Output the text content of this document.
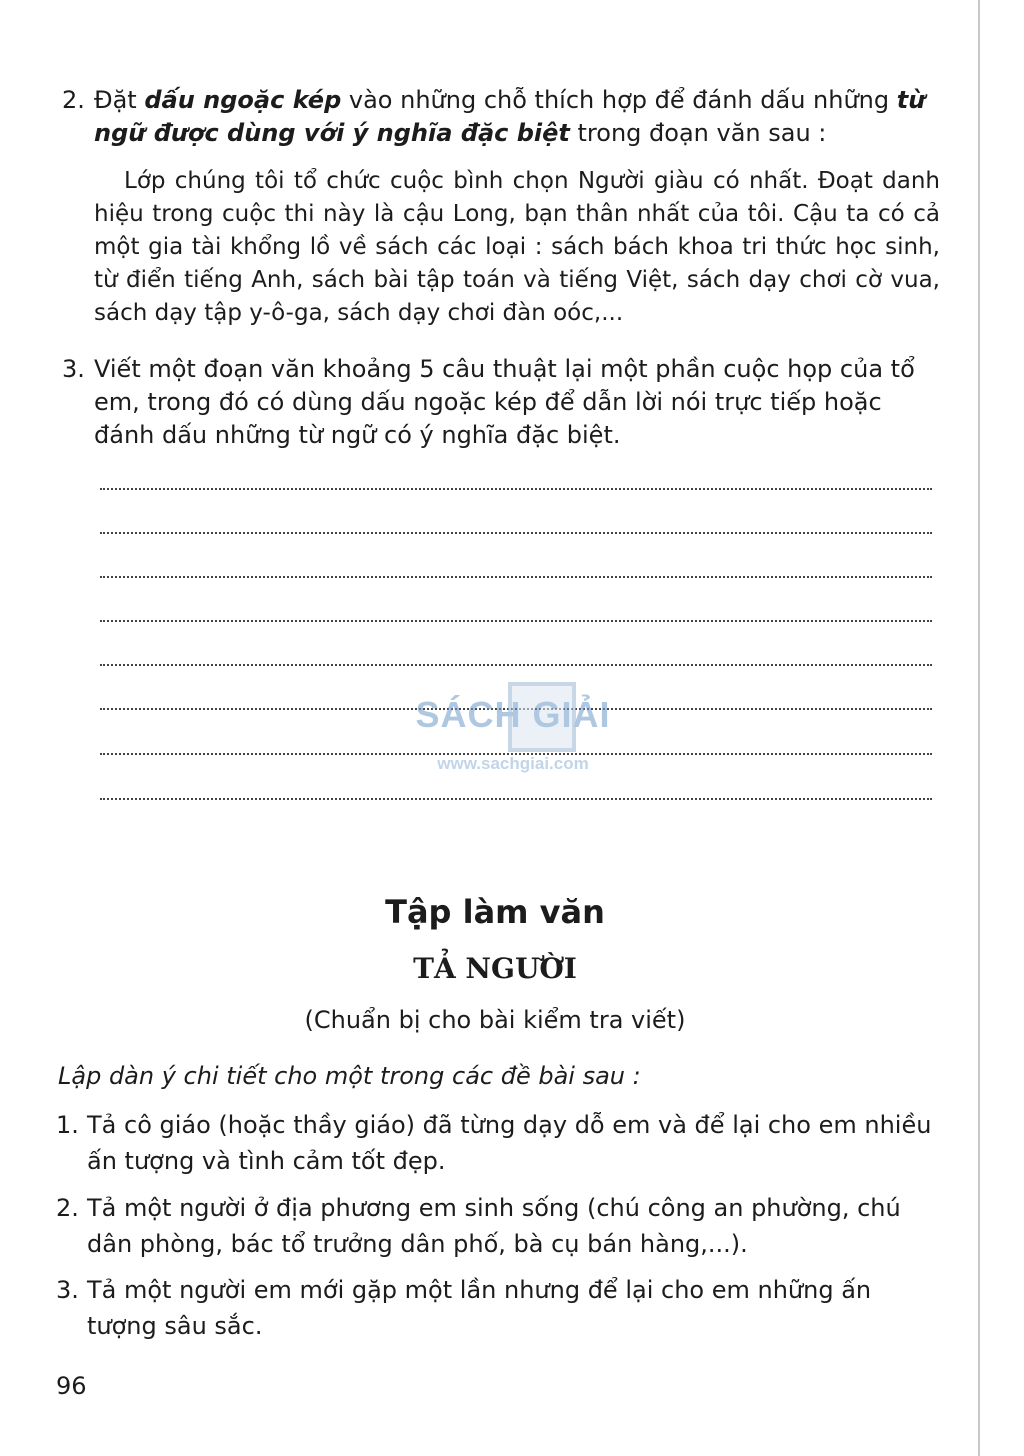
2. Đặt dấu ngoặc kép vào những chỗ thích hợp để đánh dấu những từ ngữ được dùng với ý nghĩa đặc biệt trong đoạn văn sau :
Lớp chúng tôi tổ chức cuộc bình chọn Người giàu có nhất. Đoạt danh hiệu trong cuộc thi này là cậu Long, bạn thân nhất của tôi. Cậu ta có cả một gia tài khổng lồ về sách các loại : sách bách khoa tri thức học sinh, từ điển tiếng Anh, sách bài tập toán và tiếng Việt, sách dạy chơi cờ vua, sách dạy tập y-ô-ga, sách dạy chơi đàn oóc,...
3. Viết một đoạn văn khoảng 5 câu thuật lại một phần cuộc họp của tổ em, trong đó có dùng dấu ngoặc kép để dẫn lời nói trực tiếp hoặc đánh dấu những từ ngữ có ý nghĩa đặc biệt.
SÁCH GIẢI
www.sachgiai.com
Tập làm văn
TẢ NGƯỜI
(Chuẩn bị cho bài kiểm tra viết)
Lập dàn ý chi tiết cho một trong các đề bài sau :
1. Tả cô giáo (hoặc thầy giáo) đã từng dạy dỗ em và để lại cho em nhiều ấn tượng và tình cảm tốt đẹp.
2. Tả một người ở địa phương em sinh sống (chú công an phường, chú dân phòng, bác tổ trưởng dân phố, bà cụ bán hàng,...).
3. Tả một người em mới gặp một lần nhưng để lại cho em những ấn tượng sâu sắc.
96
